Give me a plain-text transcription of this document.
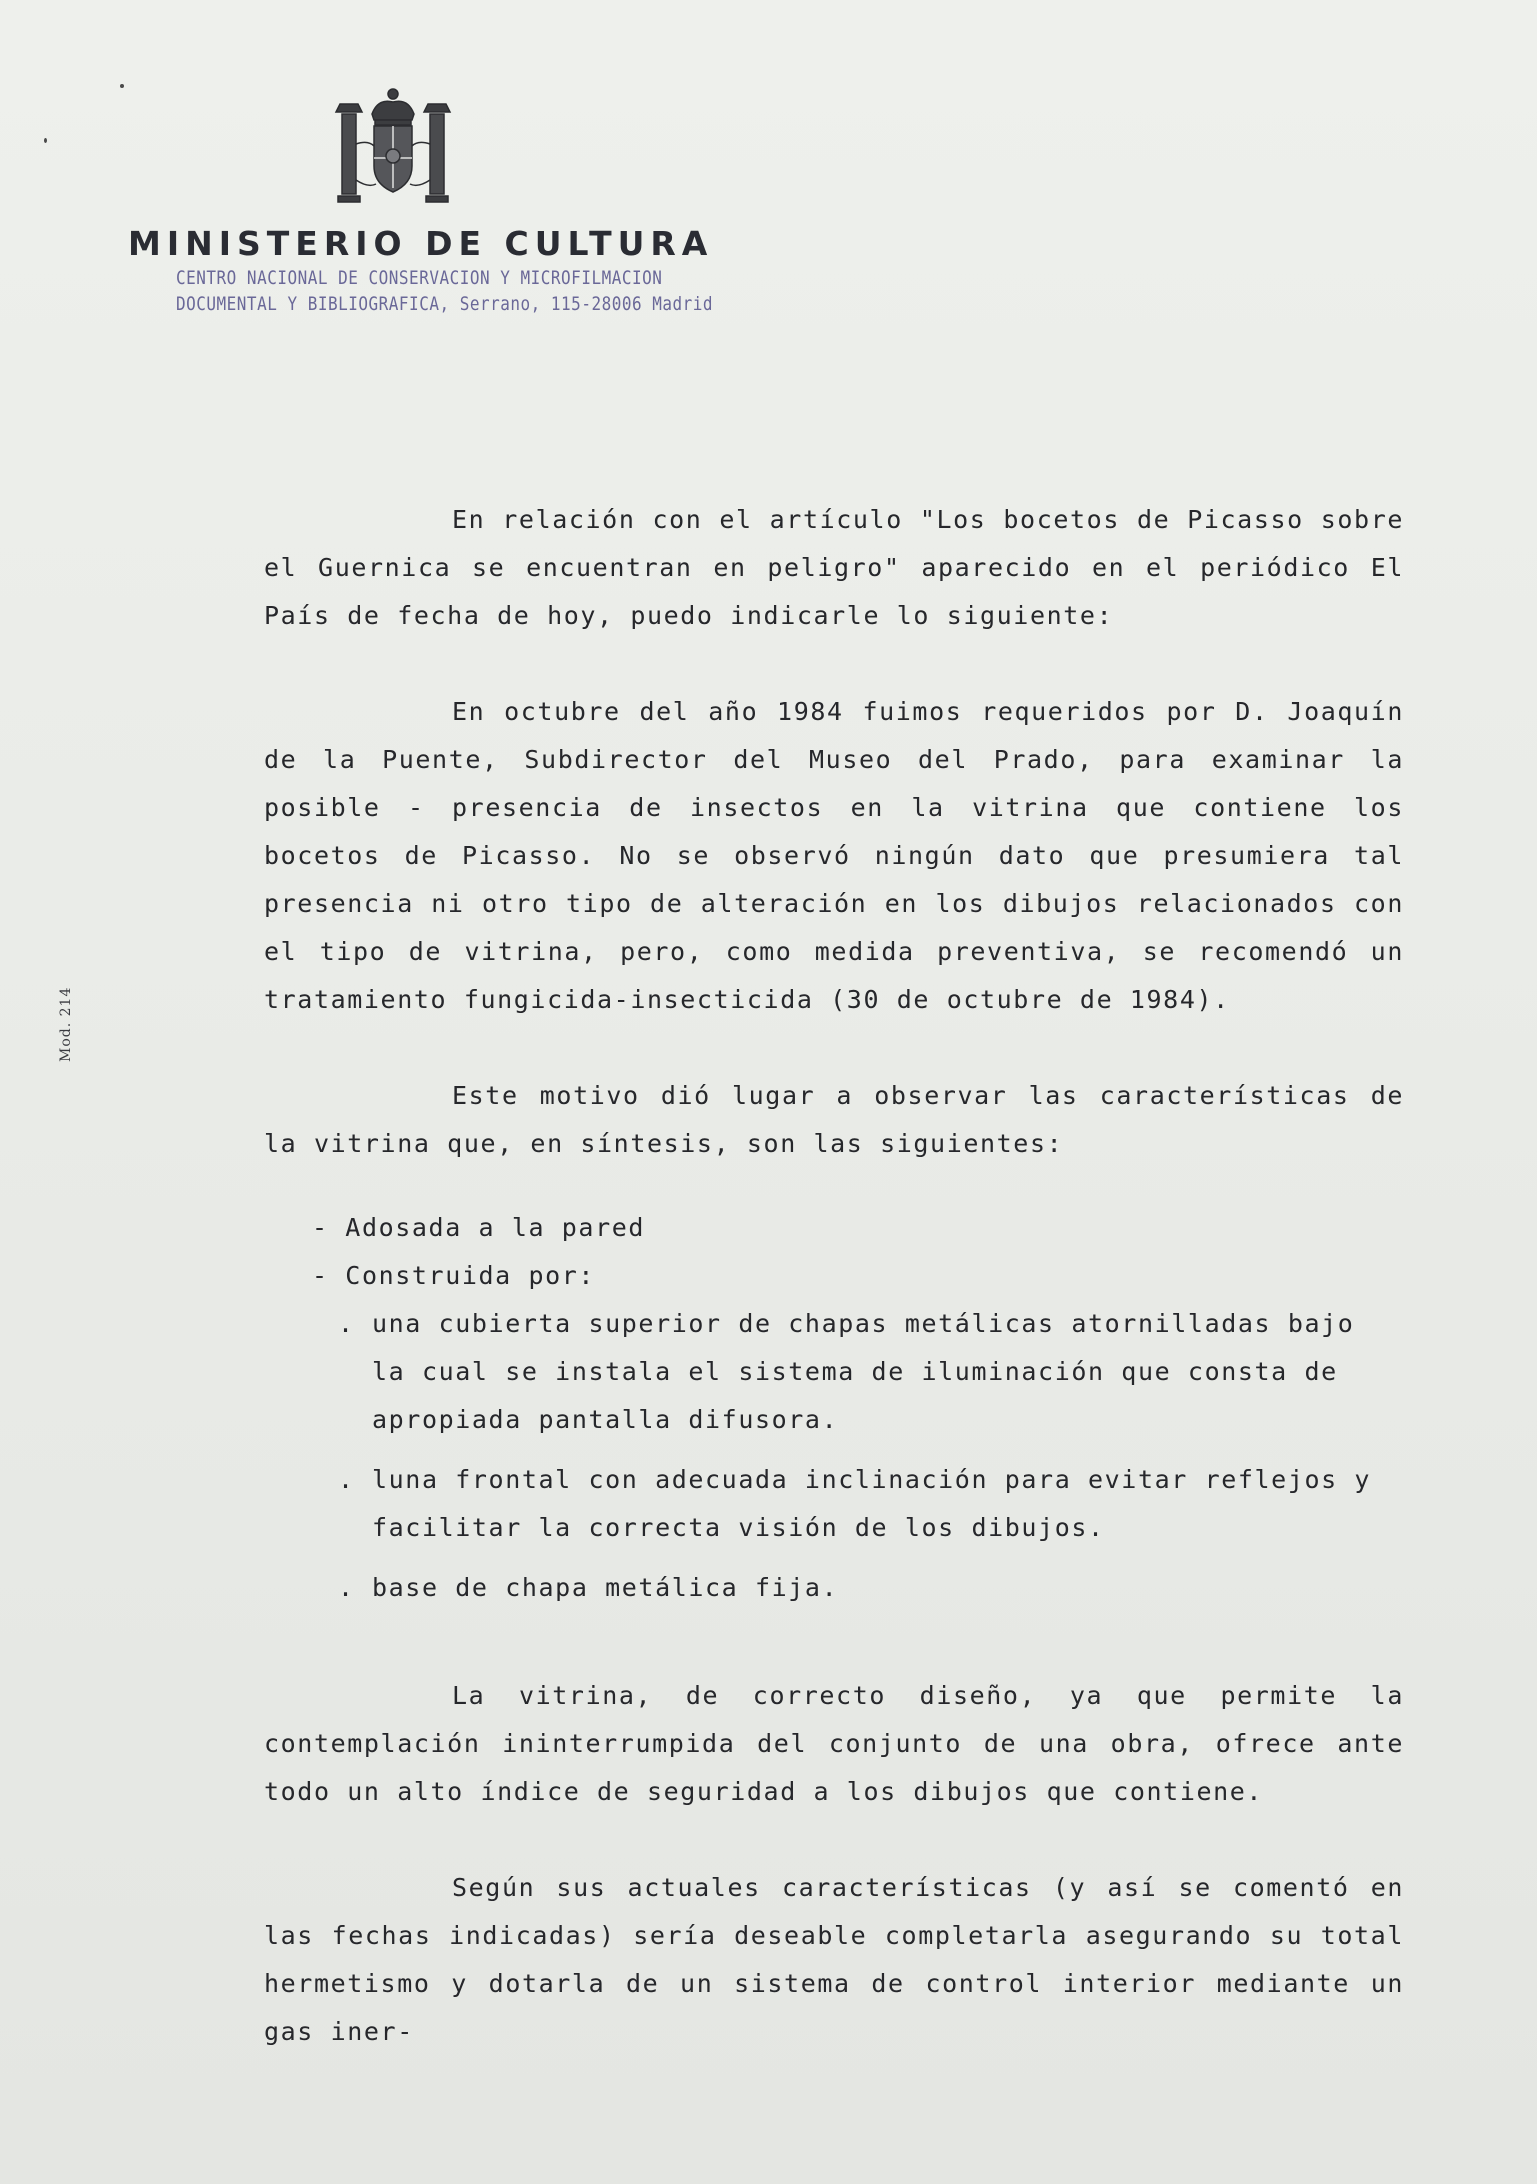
MINISTERIO DE CULTURA
CENTRO NACIONAL DE CONSERVACION Y MICROFILMACION
DOCUMENTAL Y BIBLIOGRAFICA, Serrano, 115-28006 Madrid
Mod. 214

En relación con el artículo "Los bocetos de Picasso sobre el Guernica se encuentran en peligro" aparecido en el periódico El País de fecha de hoy, puedo indicarle lo siguiente:

En octubre del año 1984 fuimos requeridos por D. Joaquín de la Puente, Subdirector del Museo del Prado, para examinar la posible - presencia de insectos en la vitrina que contiene los bocetos de Picasso. No se observó ningún dato que presumiera tal presencia ni otro tipo de alteración en los dibujos relacionados con el tipo de vitrina, pero, como medida preventiva, se recomendó un tratamiento fungicida-insecticida (30 de octubre de 1984).

Este motivo dió lugar a observar las características de la vitrina que, en síntesis, son las siguientes:

- Adosada a la pared

- Construida por:

. una cubierta superior de chapas metálicas atornilladas bajo la cual se instala el sistema de iluminación que consta de apropiada pantalla difusora.

. luna frontal con adecuada inclinación para evitar reflejos y facilitar la correcta visión de los dibujos.

. base de chapa metálica fija.

La vitrina, de correcto diseño, ya que permite la contemplación ininterrumpida del conjunto de una obra, ofrece ante todo un alto índice de seguridad a los dibujos que contiene.

Según sus actuales características (y así se comentó en las fechas indicadas) sería deseable completarla asegurando su total hermetismo y dotarla de un sistema de control interior mediante un gas iner-
